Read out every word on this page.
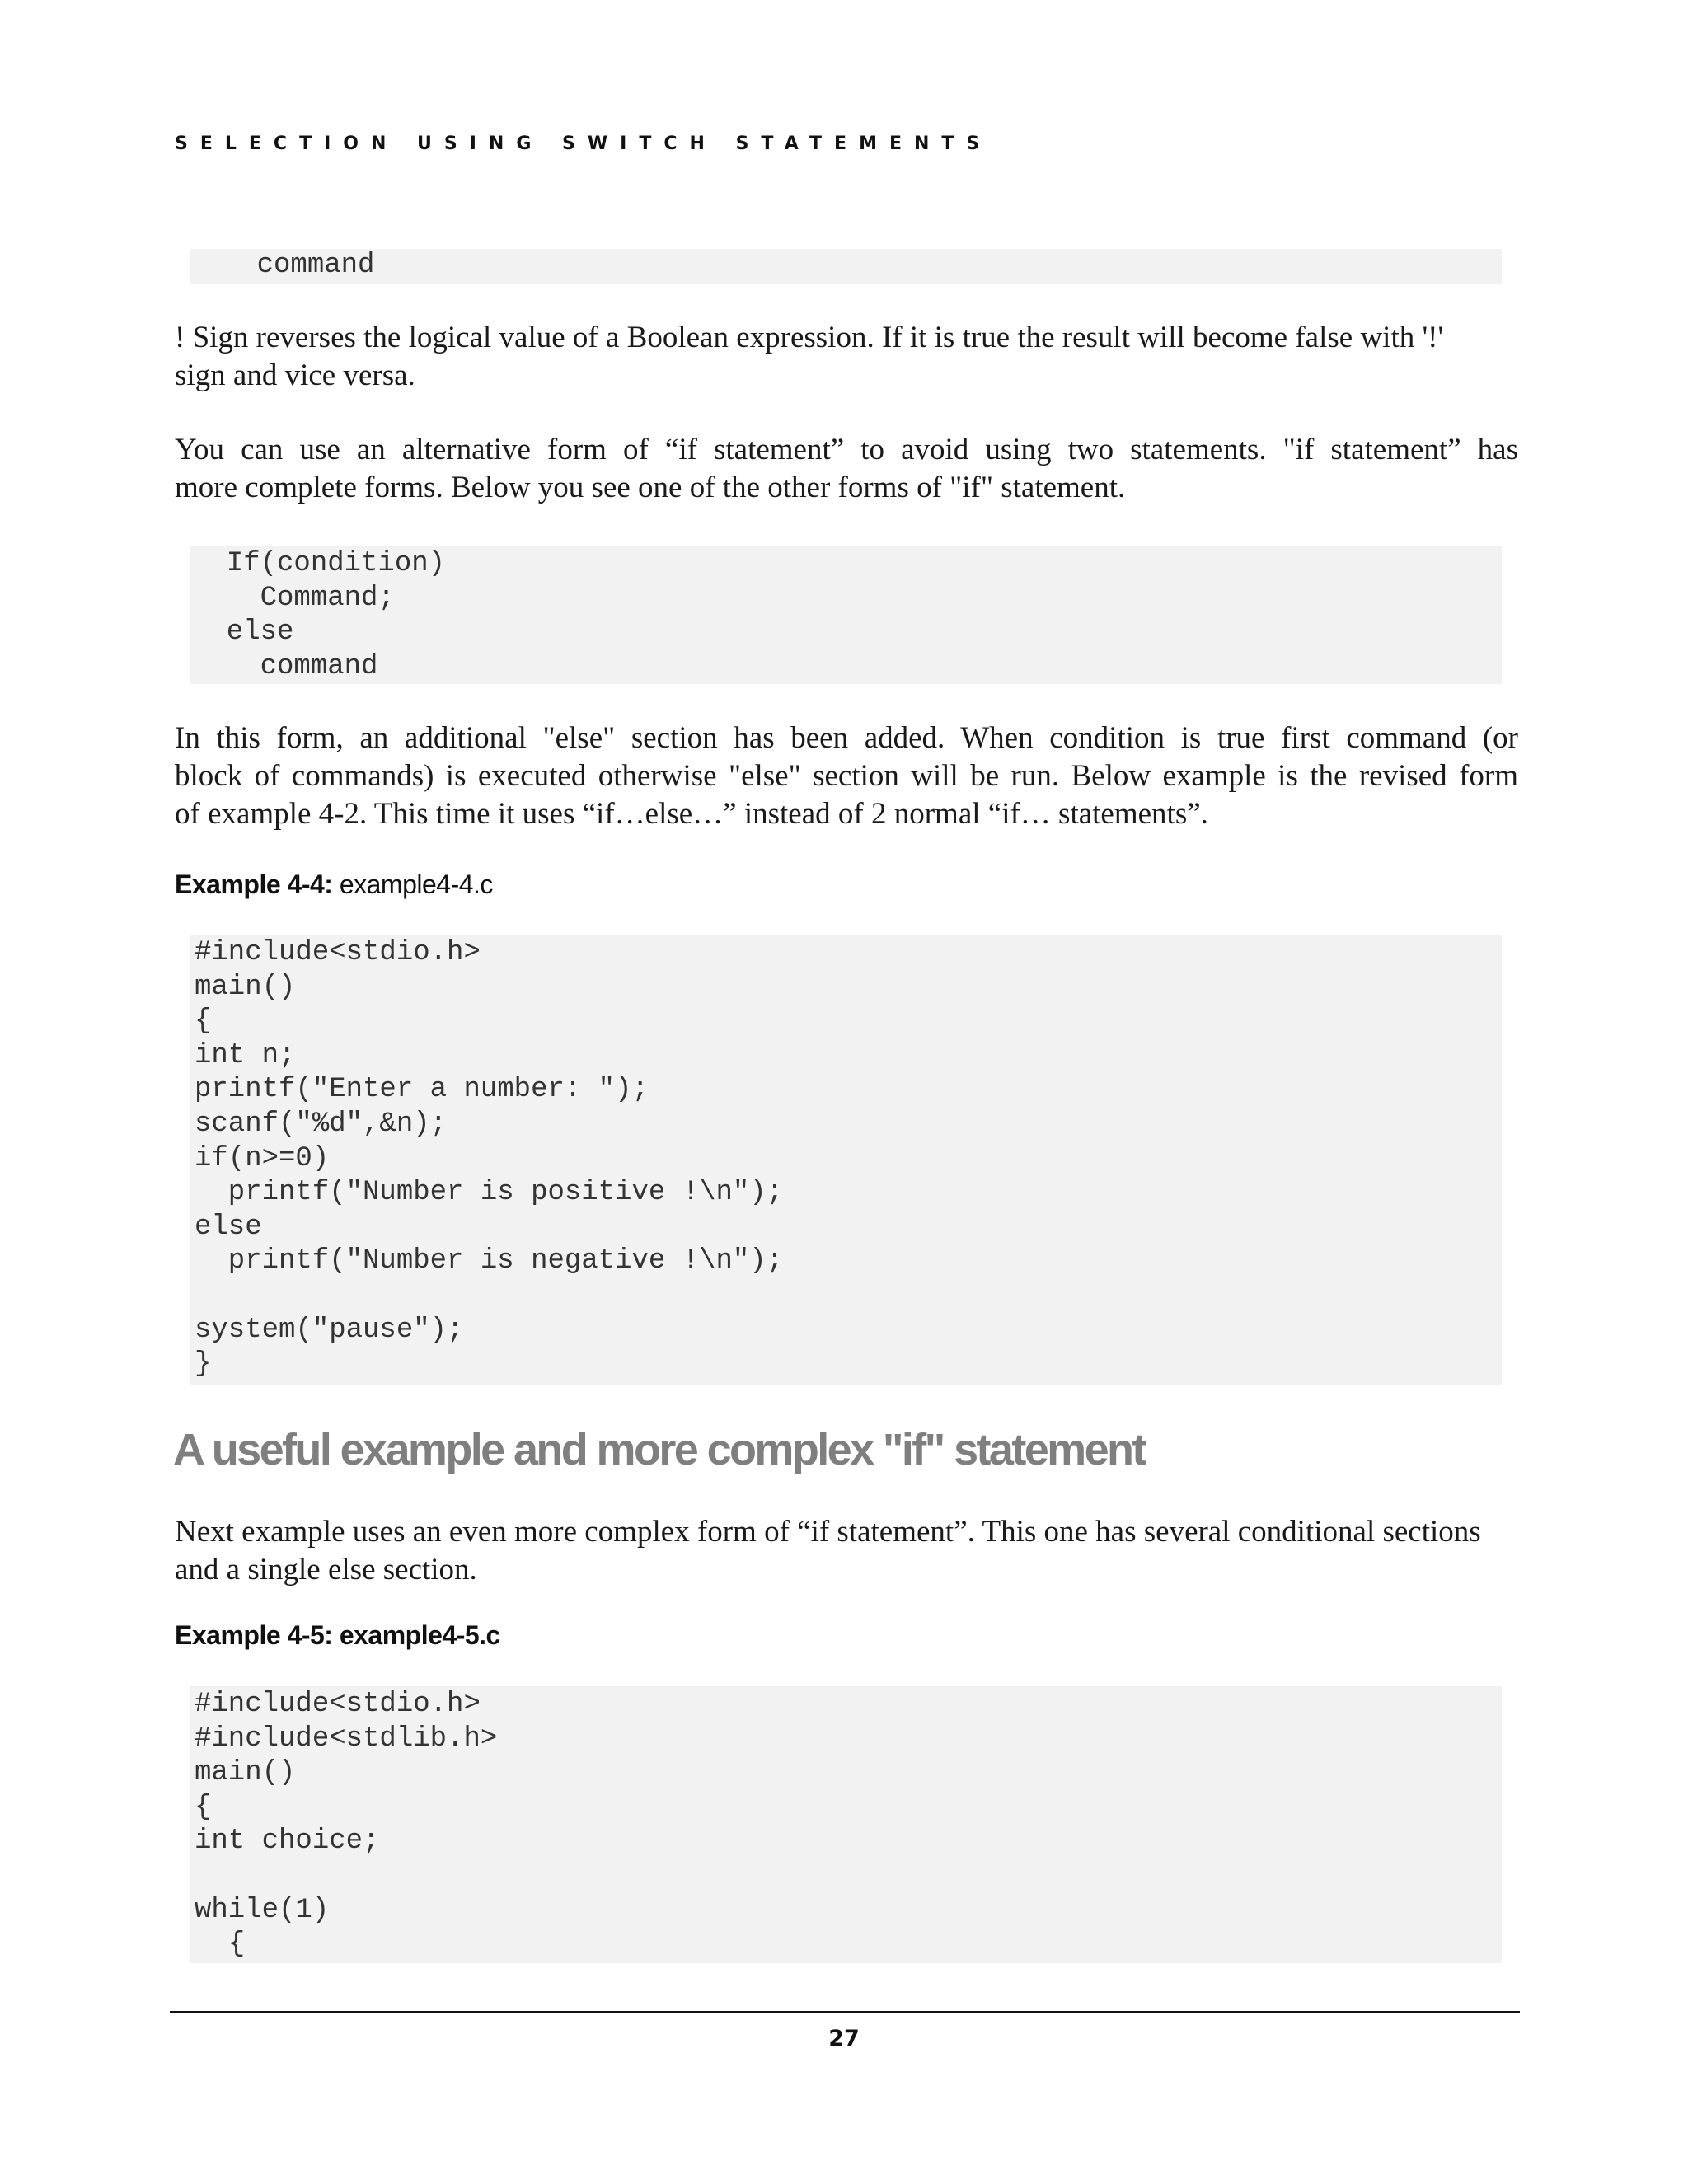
SELECTION USING SWITCH STATEMENTS
command
! Sign reverses the logical value of a Boolean expression. If it is true the result will become false with '!'
sign and vice versa.
You can use an alternative form of “if statement” to avoid using two statements. "if statement” has
more complete forms. Below you see one of the other forms of "if" statement.
If(condition)
Command;
else
command
In this form, an additional "else" section has been added. When condition is true first command (or
block of commands) is executed otherwise "else" section will be run. Below example is the revised form
of example 4-2. This time it uses “if…else…” instead of 2 normal “if… statements”.
Example 4-4: example4-4.c
#include<stdio.h>
main()
{
int n;
printf("Enter a number: ");
scanf("%d",&n);
if(n>=0)
printf("Number is positive !\n");
else
printf("Number is negative !\n");
system("pause");
}
A useful example and more complex "if" statement
Next example uses an even more complex form of “if statement”. This one has several conditional sections
and a single else section.
Example 4-5: example4-5.c
#include<stdio.h>
#include<stdlib.h>
main()
{
int choice;
while(1)
{
27
